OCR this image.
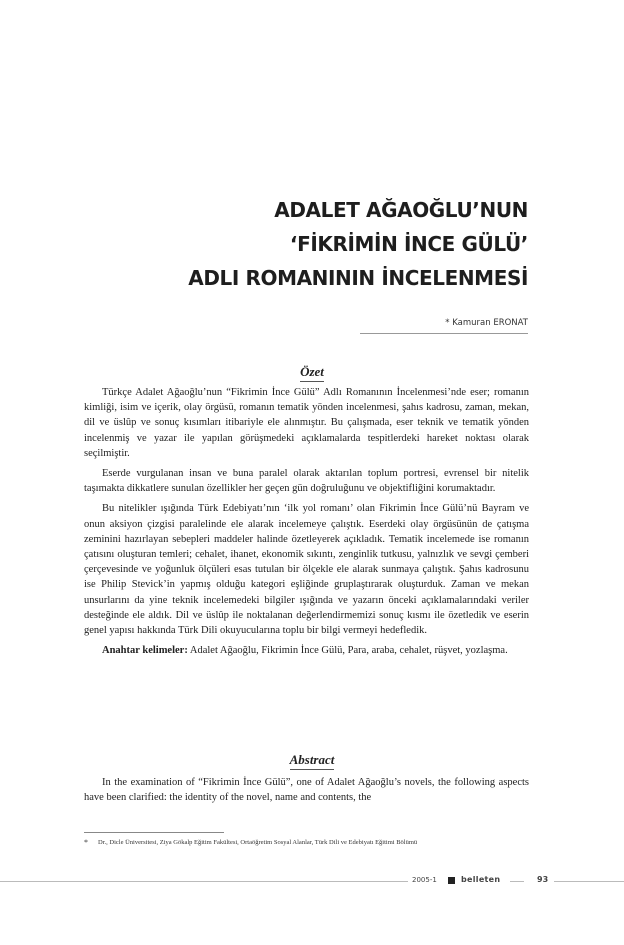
ADALET AĞAOĞLU’NUN
‘FİKRİMİN İNCE GÜLÜ’
ADLI ROMANININ İNCELENMESİ
* Kamuran ERONAT
Özet

Türkçe Adalet Ağaoğlu’nun “Fikrimin İnce Gülü” Adlı Romanının İncelenmesi’nde eser; romanın kimliği, isim ve içerik, olay örgüsü, romanın tematik yönden incelenmesi, şahıs kadrosu, zaman, mekan, dil ve üslûp ve sonuç kısımları itibariyle ele alınmıştır. Bu çalışmada, eser teknik ve tematik yönden incelenmiş ve yazar ile yapılan görüşmedeki açıklamalarda tespitlerdeki hareket noktası olarak seçilmiştir.

Eserde vurgulanan insan ve buna paralel olarak aktarılan toplum portresi, evrensel bir nitelik taşımakta dikkatlere sunulan özellikler her geçen gün doğruluğunu ve objektifliğini korumaktadır.

Bu nitelikler ışığında Türk Edebiyatı’nın ‘ilk yol romanı’ olan Fikrimin İnce Gülü’nü Bayram ve onun aksiyon çizgisi paralelinde ele alarak incelemeye çalıştık. Eserdeki olay örgüsünün de çatışma zeminini hazırlayan sebepleri maddeler halinde özetleyerek açıkladık. Tematik incelemede ise romanın çatısını oluşturan temleri; cehalet, ihanet, ekonomik sıkıntı, zenginlik tutkusu, yalnızlık ve sevgi çemberi çerçevesinde ve yoğunluk ölçüleri esas tutulan bir ölçekle ele alarak sunmaya çalıştık. Şahıs kadrosunu ise Philip Stevick’in yapmış olduğu kategori eşliğinde gruplaştırarak oluşturduk. Zaman ve mekan unsurlarını da yine teknik incelemedeki bilgiler ışığında ve yazarın önceki açıklamalarındaki veriler desteğinde ele aldık. Dil ve üslûp ile noktalanan değerlendirmemizi sonuç kısmı ile özetledik ve eserin genel yapısı hakkında Türk Dili okuyucularına toplu bir bilgi vermeyi hedefledik.

Anahtar kelimeler: Adalet Ağaoğlu, Fikrimin İnce Gülü, Para, araba, cehalet, rüşvet, yozlaşma.

Abstract

In the examination of “Fikrimin İnce Gülü”, one of Adalet Ağaoğlu’s novels, the following aspects have been clarified: the identity of the novel, name and contents, the

* Dr., Dicle Üniversitesi, Ziya Gökalp Eğitim Fakültesi, Ortaöğretim Sosyal Alanlar, Türk Dili ve Edebiyatı Eğitimi Bölümü
2005-1	belleten	93
